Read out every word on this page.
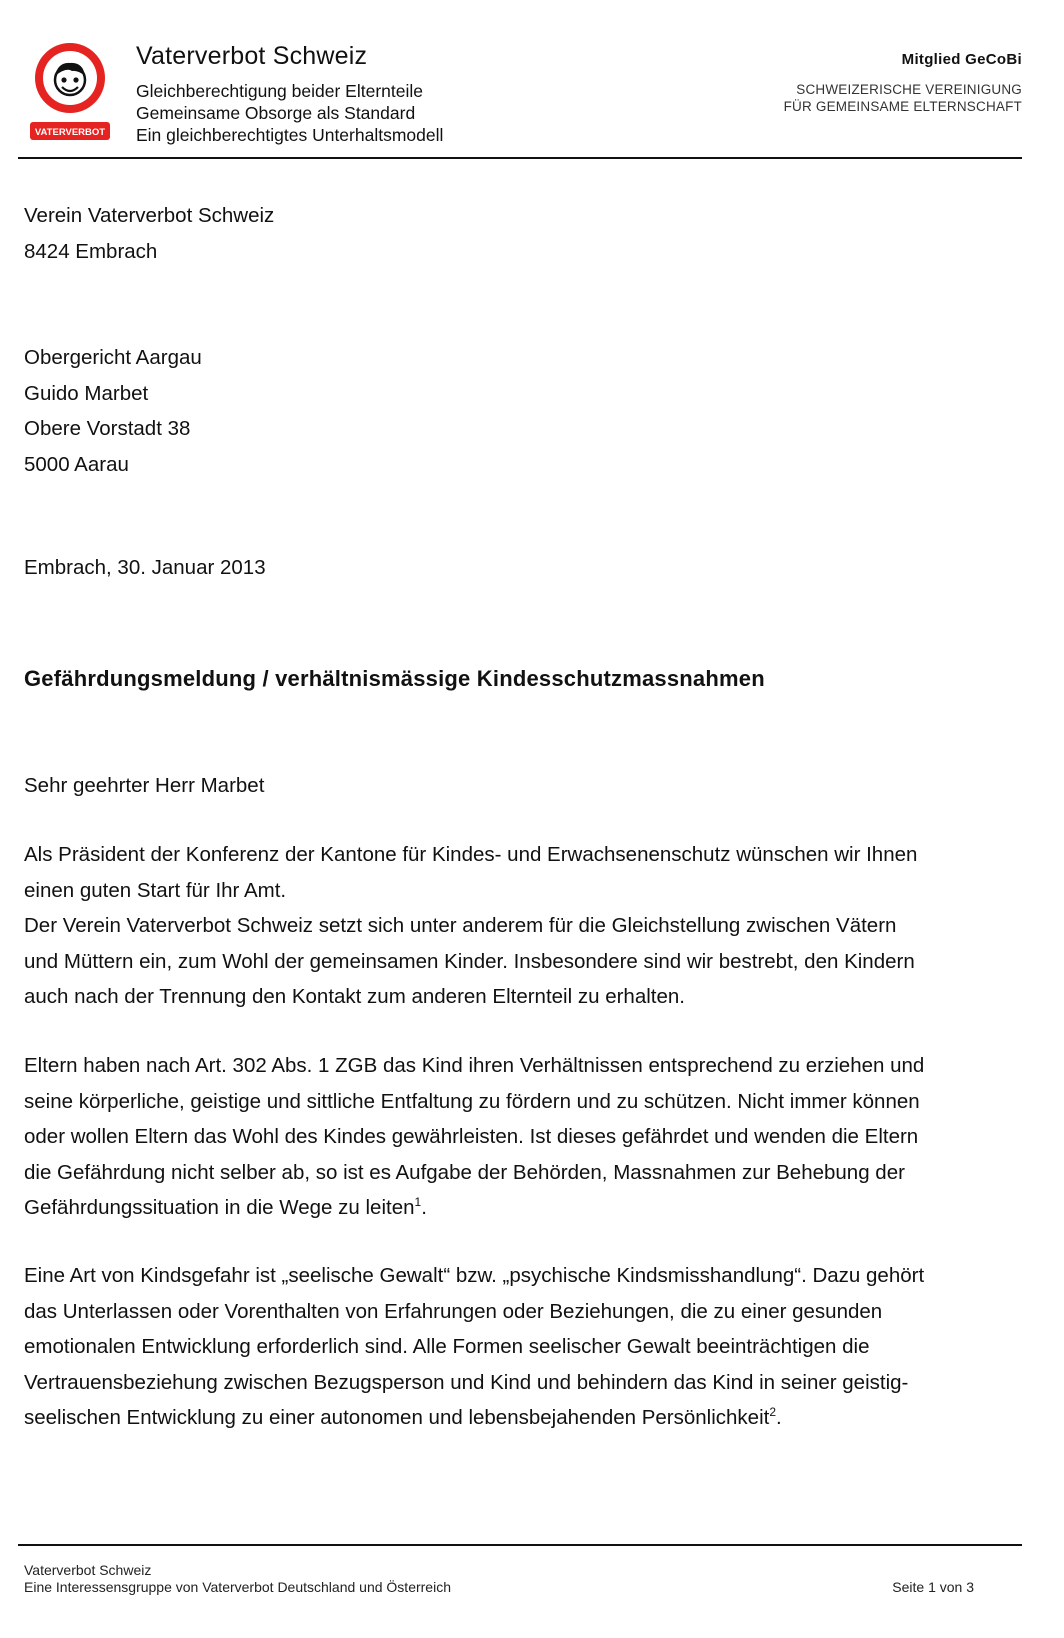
VATERVERBOT
Vaterverbot Schweiz
Gleichberechtigung beider Elternteile
Gemeinsame Obsorge als Standard
Ein gleichberechtigtes Unterhaltsmodell
Mitglied GeCoBi
SCHWEIZERISCHE VEREINIGUNG
FÜR GEMEINSAME ELTERNSCHAFT
Verein Vaterverbot Schweiz
8424 Embrach
Obergericht Aargau
Guido Marbet
Obere Vorstadt 38
5000 Aarau
Embrach, 30. Januar 2013
Gefährdungsmeldung / verhältnismässige Kindesschutzmassnahmen
Sehr geehrter Herr Marbet

Als Präsident der Konferenz der Kantone für Kindes- und Erwachsenenschutz wünschen wir Ihnen

einen guten Start für Ihr Amt.

Der Verein Vaterverbot Schweiz setzt sich unter anderem für die Gleichstellung zwischen Vätern

und Müttern ein, zum Wohl der gemeinsamen Kinder. Insbesondere sind wir bestrebt, den Kindern

auch nach der Trennung den Kontakt zum anderen Elternteil zu erhalten.

Eltern haben nach Art. 302 Abs. 1 ZGB das Kind ihren Verhältnissen entsprechend zu erziehen und

seine körperliche, geistige und sittliche Entfaltung zu fördern und zu schützen. Nicht immer können

oder wollen Eltern das Wohl des Kindes gewährleisten. Ist dieses gefährdet und wenden die Eltern

die Gefährdung nicht selber ab, so ist es Aufgabe der Behörden, Massnahmen zur Behebung der

Gefährdungssituation in die Wege zu leiten$^1$.

Eine Art von Kindsgefahr ist „seelische Gewalt“ bzw. „psychische Kindsmisshandlung“. Dazu gehört

das Unterlassen oder Vorenthalten von Erfahrungen oder Beziehungen, die zu einer gesunden

emotionalen Entwicklung erforderlich sind. Alle Formen seelischer Gewalt beeinträchtigen die

Vertrauensbeziehung zwischen Bezugsperson und Kind und behindern das Kind in seiner geistig-

seelischen Entwicklung zu einer autonomen und lebensbejahenden Persönlichkeit$^2$.

Vaterverbot Schweiz
Eine Interessensgruppe von Vaterverbot Deutschland und Österreich	Seite 1 von 3
